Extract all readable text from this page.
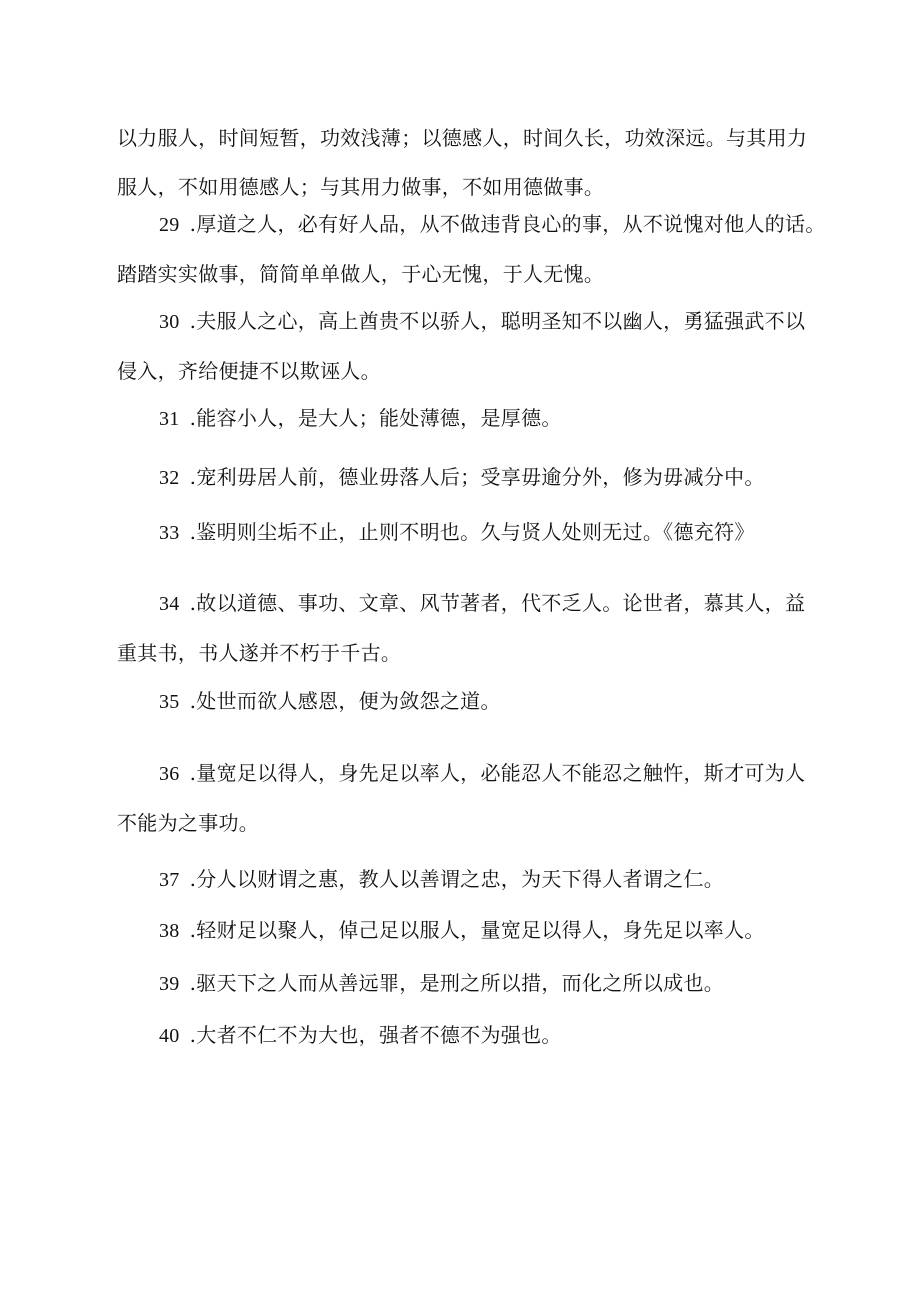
以力服人，时间短暂，功效浅薄；以德感人，时间久长，功效深远。与其用力
服人，不如用德感人；与其用力做事，不如用德做事。

29 .厚道之人，必有好人品，从不做违背良心的事，从不说愧对他人的话。
踏踏实实做事，简简单单做人，于心无愧，于人无愧。

30 .夫服人之心，高上酋贵不以骄人，聪明圣知不以幽人，勇猛强武不以
侵入，齐给便捷不以欺诬人。

31 .能容小人，是大人；能处薄德，是厚德。

32 .宠利毋居人前，德业毋落人后；受享毋逾分外，修为毋减分中。

33 .鉴明则尘垢不止，止则不明也。久与贤人处则无过。《德充符》

34 .故以道德、事功、文章、风节著者，代不乏人。论世者，慕其人，益
重其书，书人遂并不朽于千古。

35 .处世而欲人感恩，便为敛怨之道。

36 .量宽足以得人，身先足以率人，必能忍人不能忍之触忤，斯才可为人
不能为之事功。

37 .分人以财谓之惠，教人以善谓之忠，为天下得人者谓之仁。

38 .轻财足以聚人，倬己足以服人，量宽足以得人，身先足以率人。

39 .驱天下之人而从善远罪，是刑之所以措，而化之所以成也。

40 .大者不仁不为大也，强者不德不为强也。
